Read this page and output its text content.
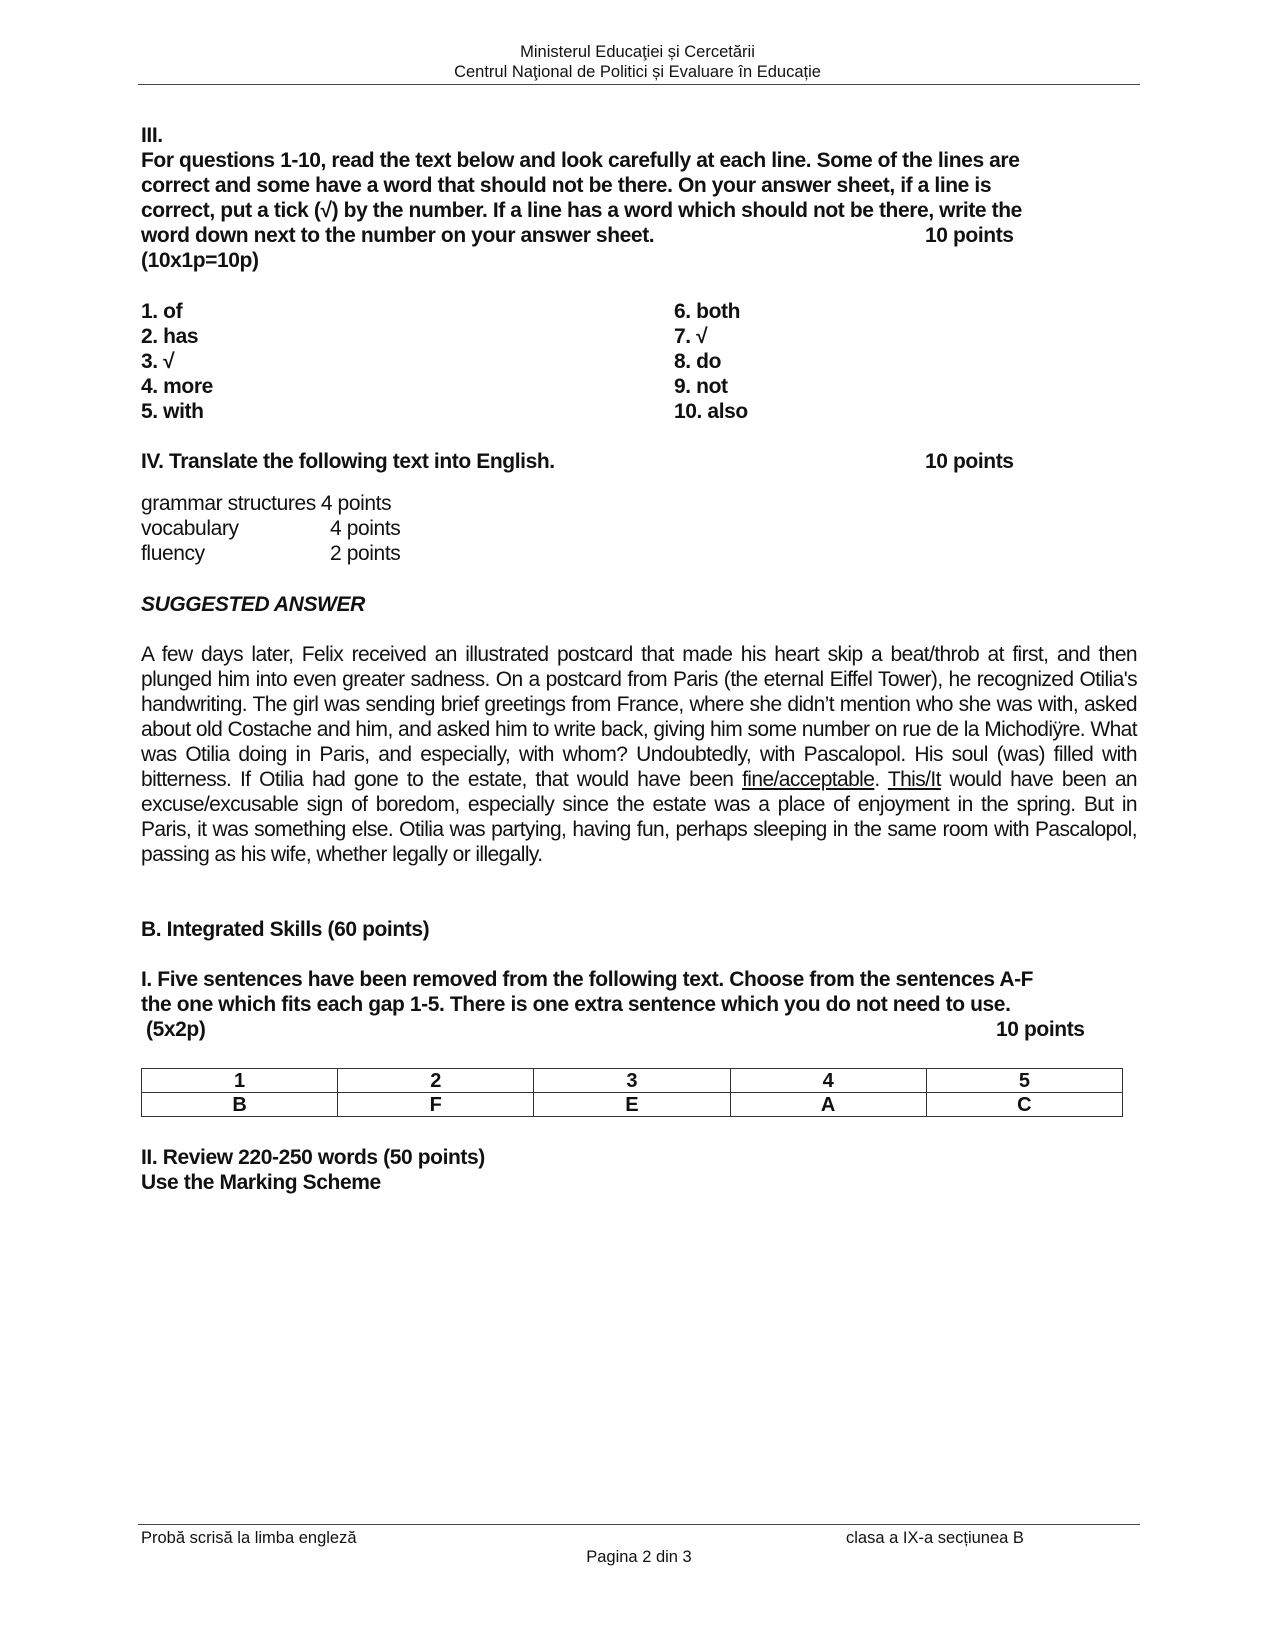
Ministerul Educaţiei și Cercetării
Centrul Naţional de Politici și Evaluare în Educație
III.
For questions 1-10, read the text below and look carefully at each line. Some of the lines are
correct and some have a word that should not be there. On your answer sheet, if a line is
correct, put a tick (√) by the number. If a line has a word which should not be there, write the
word down next to the number on your answer sheet.	10 points
(10x1p=10p)
1. of
2. has
3. √
4. more
5. with
6. both
7. √
8. do
9. not
10. also
IV. Translate the following text into English.	10 points
grammar structures 4 points
vocabulary	4 points
fluency	2 points
SUGGESTED ANSWER
A few days later, Felix received an illustrated postcard that made his heart skip a beat/throb at first, and then plunged him into even greater sadness. On a postcard from Paris (the eternal Eiffel Tower), he recognized Otilia's handwriting. The girl was sending brief greetings from France, where she didn’t mention who she was with, asked about old Costache and him, and asked him to write back, giving him some number on rue de la Michodiÿre. What was Otilia doing in Paris, and especially, with whom? Undoubtedly, with Pascalopol. His soul (was) filled with bitterness. If Otilia had gone to the estate, that would have been fine/acceptable. This/It would have been an excuse/excusable sign of boredom, especially since the estate was a place of enjoyment in the spring. But in Paris, it was something else. Otilia was partying, having fun, perhaps sleeping in the same room with Pascalopol, passing as his wife, whether legally or illegally.
B. Integrated Skills (60 points)
I. Five sentences have been removed from the following text. Choose from the sentences A-F
the one which fits each gap 1-5. There is one extra sentence which you do not need to use.
(5x2p)	10 points
1	2	3	4	5
B	F	E	A	C
II. Review 220-250 words (50 points)
Use the Marking Scheme
Probă scrisă la limba engleză	clasa a IX-a secțiunea B
Pagina 2 din 3
